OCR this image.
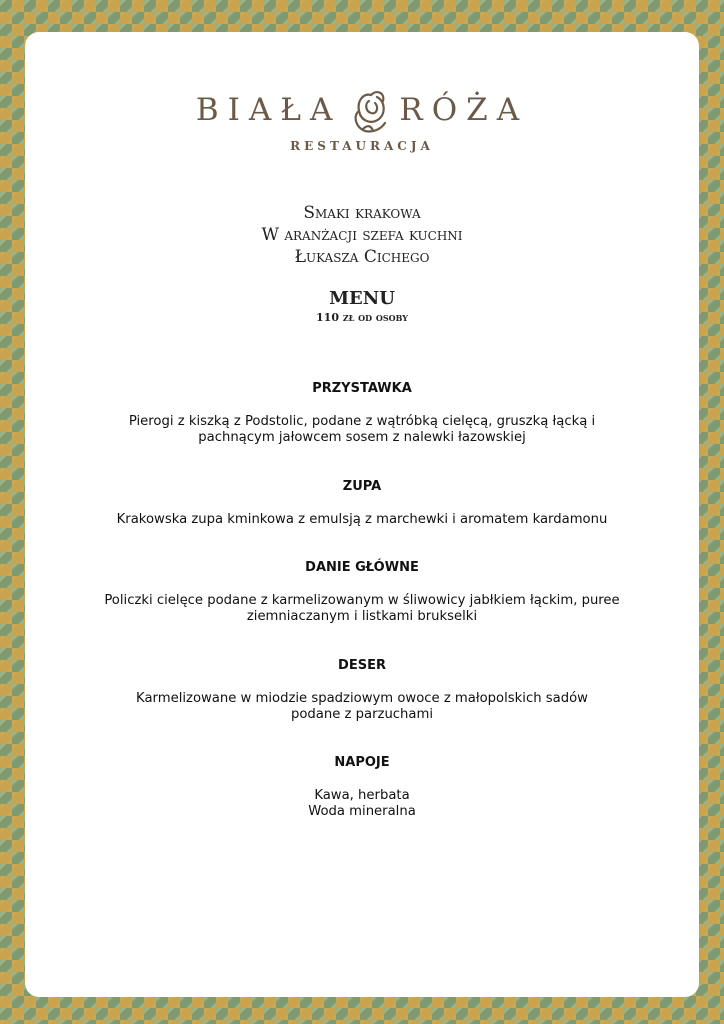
BIAŁA RÓŻA
RESTAURACJA
Smaki krakowa
W aranżacji szefa kuchni
Łukasza Cichego
MENU
110 zł od osoby
PRZYSTAWKA
Pierogi z kiszką z Podstolic, podane z wątróbką cielęcą, gruszką łącką i
pachnącym jałowcem sosem z nalewki łazowskiej
ZUPA
Krakowska zupa kminkowa z emulsją z marchewki i aromatem kardamonu
DANIE GŁÓWNE
Policzki cielęce podane z karmelizowanym w śliwowicy jabłkiem łąckim, puree
ziemniaczanym i listkami brukselki
DESER
Karmelizowane w miodzie spadziowym owoce z małopolskich sadów
podane z parzuchami
NAPOJE
Kawa, herbata
Woda mineralna
